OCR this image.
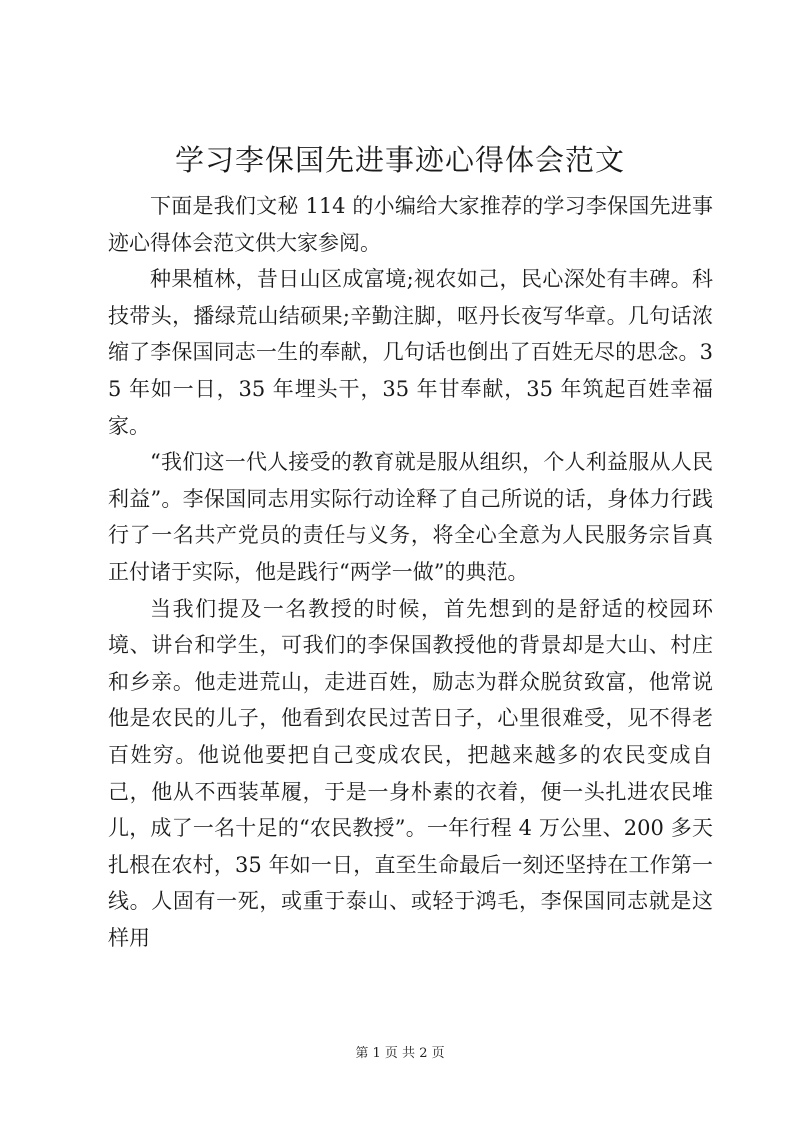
学习李保国先进事迹心得体会范文

下面是我们文秘 114 的小编给大家推荐的学习李保国先进事迹心得体会范文供大家参阅。

种果植林，昔日山区成富境;视农如己，民心深处有丰碑。科技带头，播绿荒山结硕果;辛勤注脚，呕丹长夜写华章。几句话浓缩了李保国同志一生的奉献，几句话也倒出了百姓无尽的思念。35 年如一日，35 年埋头干，35 年甘奉献，35 年筑起百姓幸福家。

“我们这一代人接受的教育就是服从组织，个人利益服从人民利益”。李保国同志用实际行动诠释了自己所说的话，身体力行践行了一名共产党员的责任与义务，将全心全意为人民服务宗旨真正付诸于实际，他是践行“两学一做”的典范。

当我们提及一名教授的时候，首先想到的是舒适的校园环境、讲台和学生，可我们的李保国教授他的背景却是大山、村庄和乡亲。他走进荒山，走进百姓，励志为群众脱贫致富，他常说他是农民的儿子，他看到农民过苦日子，心里很难受，见不得老百姓穷。他说他要把自己变成农民，把越来越多的农民变成自己，他从不西装革履，于是一身朴素的衣着，便一头扎进农民堆儿，成了一名十足的“农民教授”。一年行程 4 万公里、200 多天扎根在农村，35 年如一日，直至生命最后一刻还坚持在工作第一线。人固有一死，或重于泰山、或轻于鸿毛，李保国同志就是这样用

第 1 页 共 2 页
